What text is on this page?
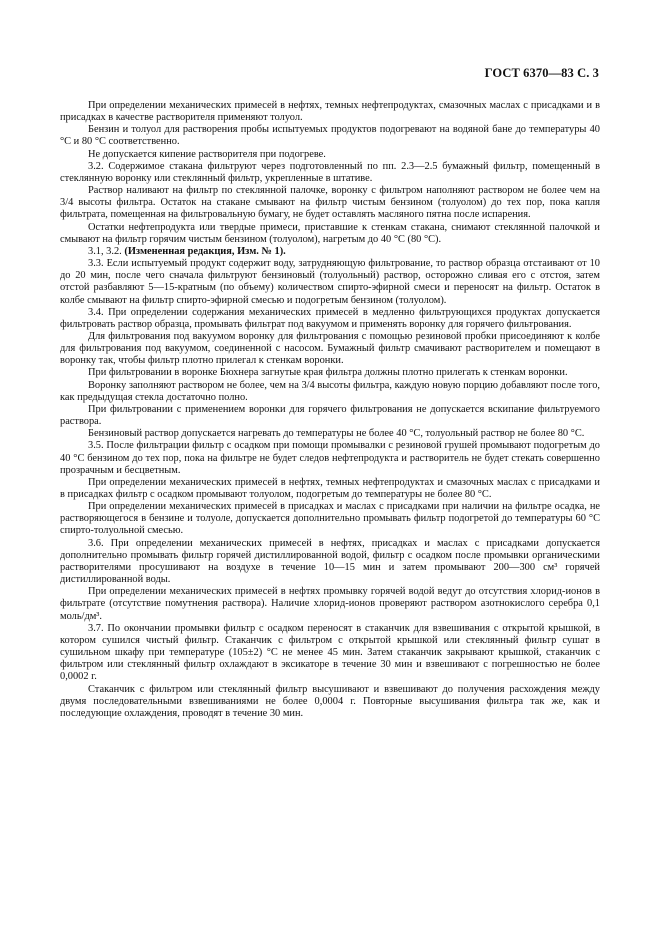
ГОСТ 6370—83 С. 3

При определении механических примесей в нефтях, темных нефтепродуктах, смазочных маслах с присадками и в присадках в качестве растворителя применяют толуол.

Бензин и толуол для растворения пробы испытуемых продуктов подогревают на водяной бане до температуры 40 °С и 80 °С соответственно.

Не допускается кипение растворителя при подогреве.

3.2. Содержимое стакана фильтруют через подготовленный по пп. 2.3—2.5 бумажный фильтр, помещенный в стеклянную воронку или стеклянный фильтр, укрепленные в штативе.

Раствор наливают на фильтр по стеклянной палочке, воронку с фильтром наполняют раствором не более чем на 3/4 высоты фильтра. Остаток на стакане смывают на фильтр чистым бензином (толуолом) до тех пор, пока капля фильтрата, помещенная на фильтровальную бумагу, не будет оставлять масляного пятна после испарения.

Остатки нефтепродукта или твердые примеси, приставшие к стенкам стакана, снимают стеклянной палочкой и смывают на фильтр горячим чистым бензином (толуолом), нагретым до 40 °С (80 °С).

3.1, 3.2. (Измененная редакция, Изм. № 1).

3.3. Если испытуемый продукт содержит воду, затрудняющую фильтрование, то раствор образца отстаивают от 10 до 20 мин, после чего сначала фильтруют бензиновый (толуольный) раствор, осторожно сливая его с отстоя, затем отстой разбавляют 5—15-кратным (по объему) количеством спирто-эфирной смеси и переносят на фильтр. Остаток в колбе смывают на фильтр спирто-эфирной смесью и подогретым бензином (толуолом).

3.4. При определении содержания механических примесей в медленно фильтрующихся продуктах допускается фильтровать раствор образца, промывать фильтрат под вакуумом и применять воронку для горячего фильтрования.

Для фильтрования под вакуумом воронку для фильтрования с помощью резиновой пробки присоединяют к колбе для фильтрования под вакуумом, соединенной с насосом. Бумажный фильтр смачивают растворителем и помещают в воронку так, чтобы фильтр плотно прилегал к стенкам воронки.

При фильтровании в воронке Бюхнера загнутые края фильтра должны плотно прилегать к стенкам воронки.

Воронку заполняют раствором не более, чем на 3/4 высоты фильтра, каждую новую порцию добавляют после того, как предыдущая стекла достаточно полно.

При фильтровании с применением воронки для горячего фильтрования не допускается вскипание фильтруемого раствора.

Бензиновый раствор допускается нагревать до температуры не более 40 °С, толуольный раствор не более 80 °С.

3.5. После фильтрации фильтр с осадком при помощи промывалки с резиновой грушей промывают подогретым до 40 °С бензином до тех пор, пока на фильтре не будет следов нефтепродукта и растворитель не будет стекать совершенно прозрачным и бесцветным.

При определении механических примесей в нефтях, темных нефтепродуктах и смазочных маслах с присадками и в присадках фильтр с осадком промывают толуолом, подогретым до температуры не более 80 °С.

При определении механических примесей в присадках и маслах с присадками при наличии на фильтре осадка, не растворяющегося в бензине и толуоле, допускается дополнительно промывать фильтр подогретой до температуры 60 °С спирто-толуольной смесью.

3.6. При определении механических примесей в нефтях, присадках и маслах с присадками допускается дополнительно промывать фильтр горячей дистиллированной водой, фильтр с осадком после промывки органическими растворителями просушивают на воздухе в течение 10—15 мин и затем промывают 200—300 см³ горячей дистиллированной воды.

При определении механических примесей в нефтях промывку горячей водой ведут до отсутствия хлорид-ионов в фильтрате (отсутствие помутнения раствора). Наличие хлорид-ионов проверяют раствором азотнокислого серебра 0,1 моль/дм³.

3.7. По окончании промывки фильтр с осадком переносят в стаканчик для взвешивания с открытой крышкой, в котором сушился чистый фильтр. Стаканчик с фильтром с открытой крышкой или стеклянный фильтр сушат в сушильном шкафу при температуре (105±2) °С не менее 45 мин. Затем стаканчик закрывают крышкой, стаканчик с фильтром или стеклянный фильтр охлаждают в эксикаторе в течение 30 мин и взвешивают с погрешностью не более 0,0002 г.

Стаканчик с фильтром или стеклянный фильтр высушивают и взвешивают до получения расхождения между двумя последовательными взвешиваниями не более 0,0004 г. Повторные высушивания фильтра так же, как и последующие охлаждения, проводят в течение 30 мин.
